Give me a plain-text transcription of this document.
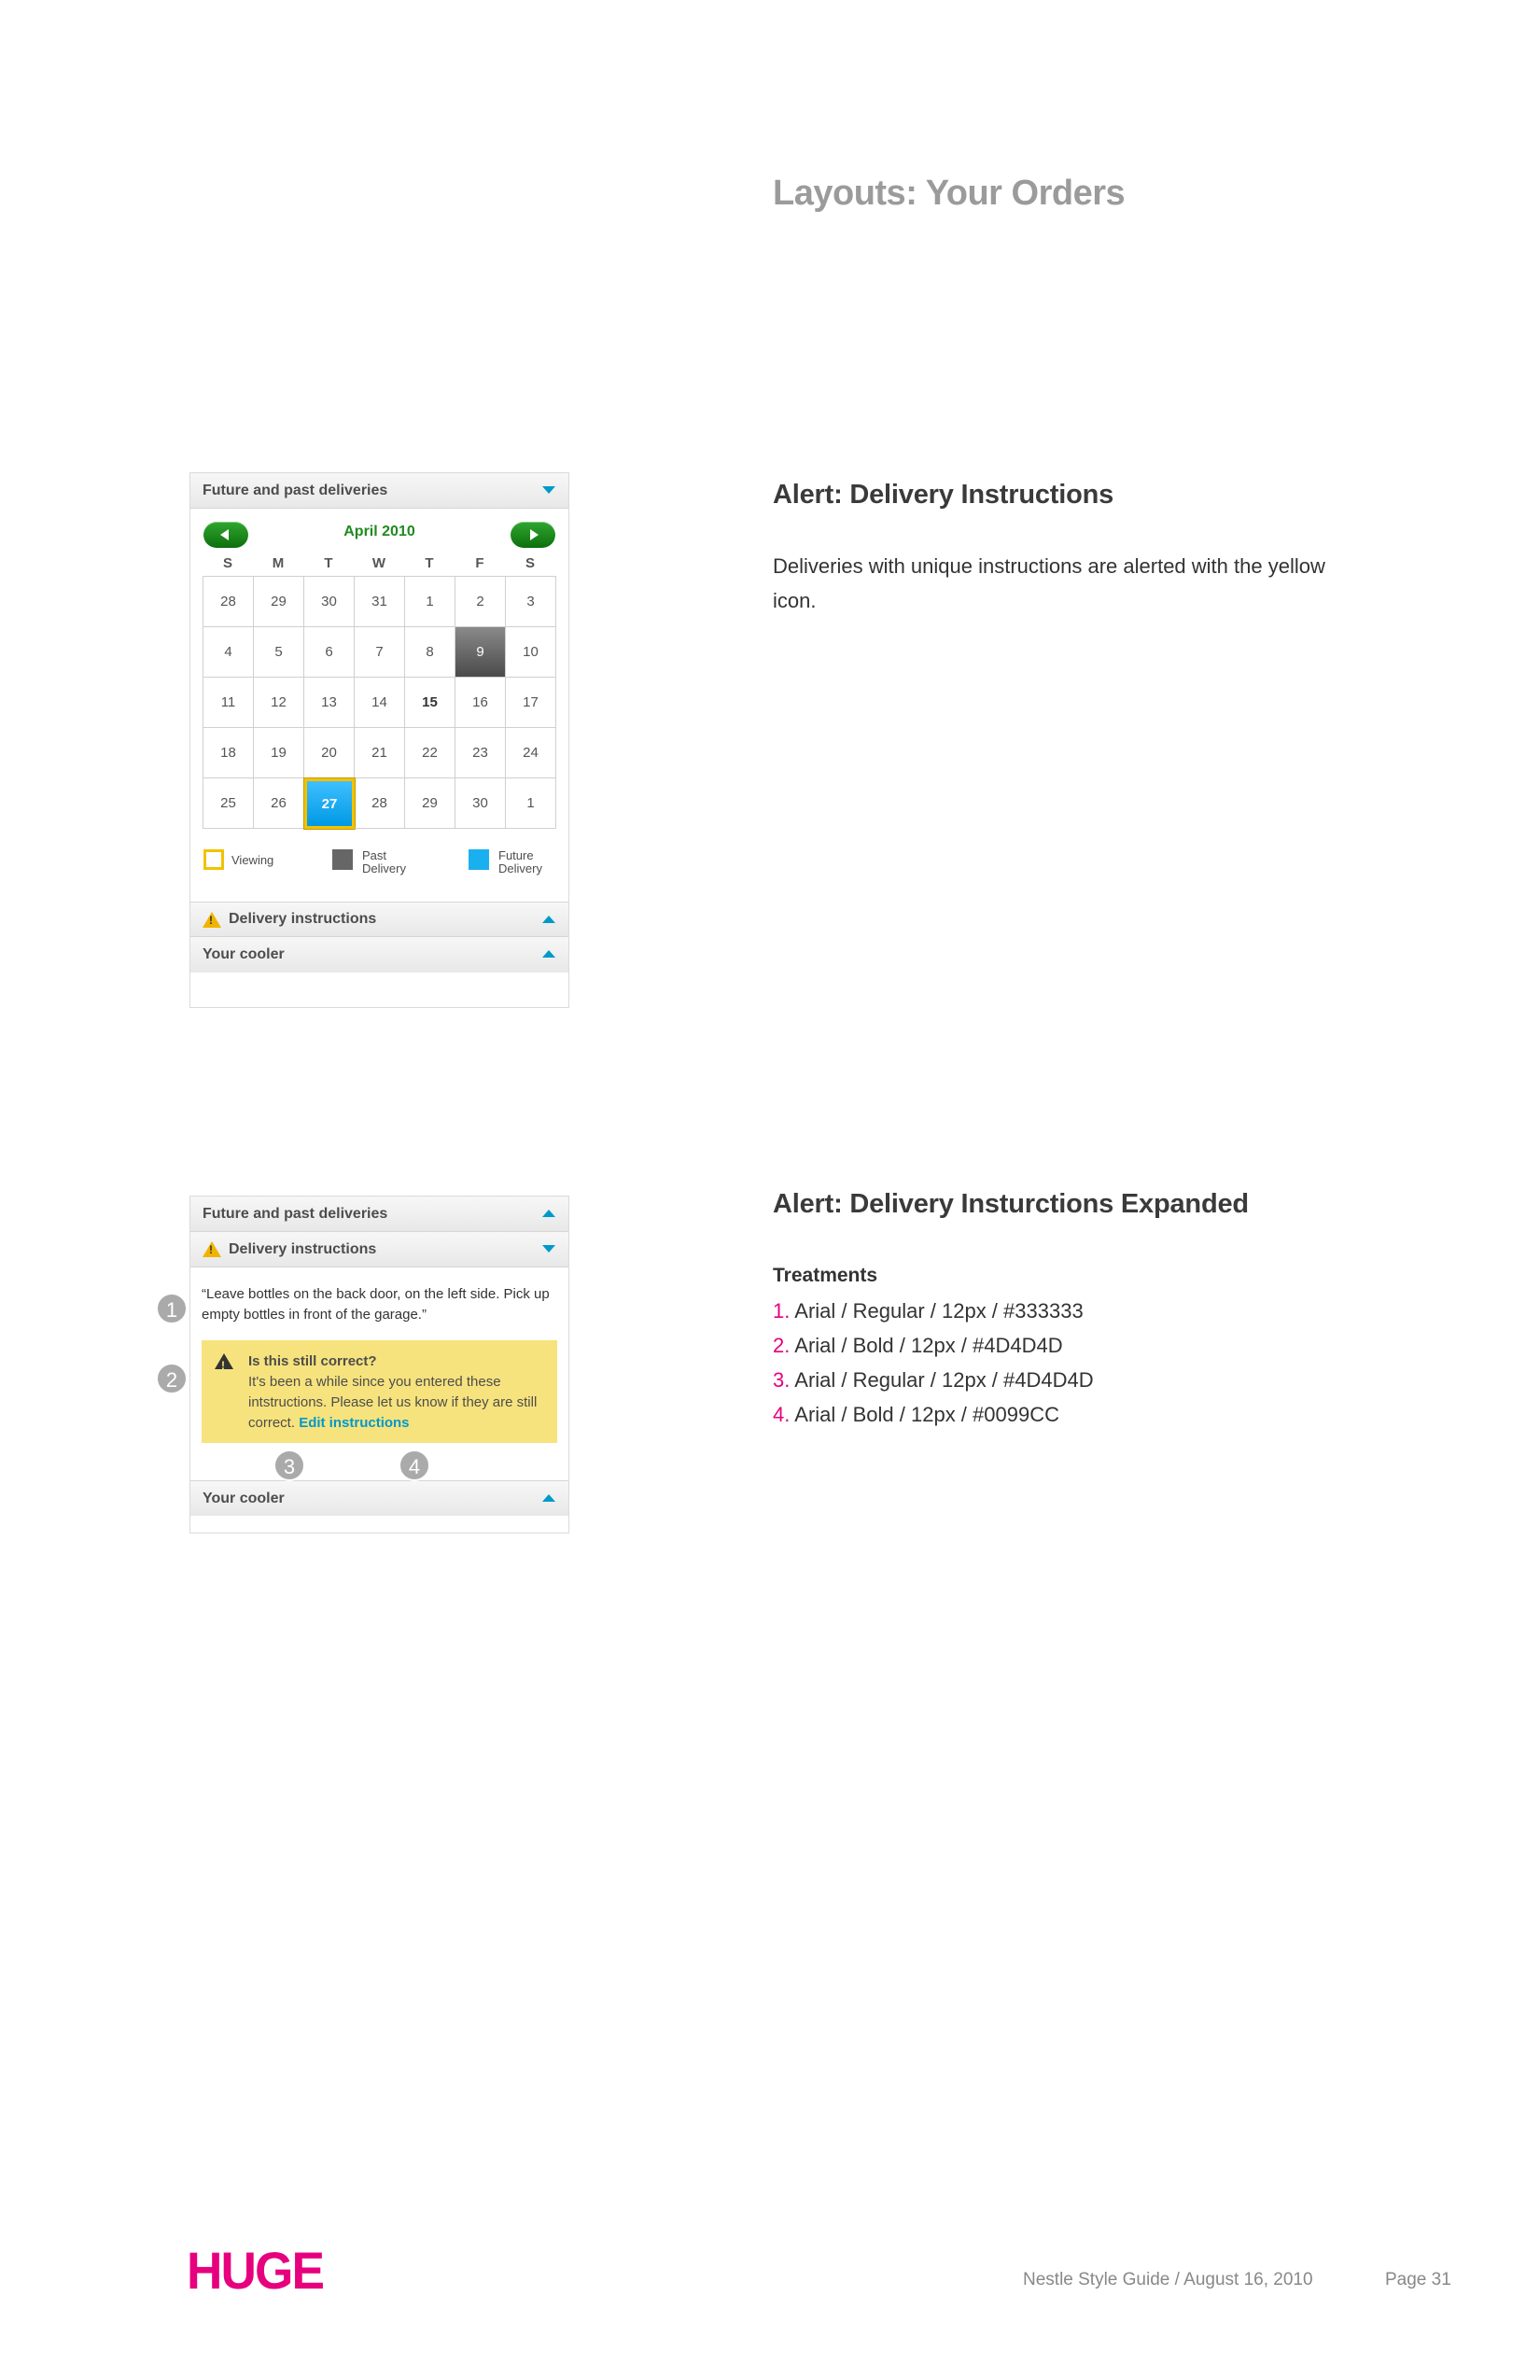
Layouts: Your Orders
Alert: Delivery Instructions
Deliveries with unique instructions are alerted with the yellow icon.
Alert: Delivery Insturctions Expanded
Treatments
1. Arial / Regular / 12px / #333333
2. Arial / Bold / 12px / #4D4D4D
3. Arial / Regular / 12px / #4D4D4D
4. Arial / Bold / 12px / #0099CC
Future and past deliveries
April 2010
S	M	T	W	T	F	S
28	29	30	31	1	2	3
4	5	6	7	8	9	10
11	12	13	14	15	16	17
18	19	20	21	22	23	24
25	26	27	28	29	30	1
Viewing	Past
Delivery
Future
Delivery
!
Delivery instructions
Your cooler
Future and past deliveries
!
Delivery instructions
“Leave bottles on the back door, on the left side. Pick up empty bottles in front of the garage.”
!
Is this still correct?
It's been a while since you entered these intstructions. Please let us know if they are still correct. Edit instructions
Your cooler
1
2
3	4
HUGE	Nestle Style Guide / August 16, 2010	Page 31
